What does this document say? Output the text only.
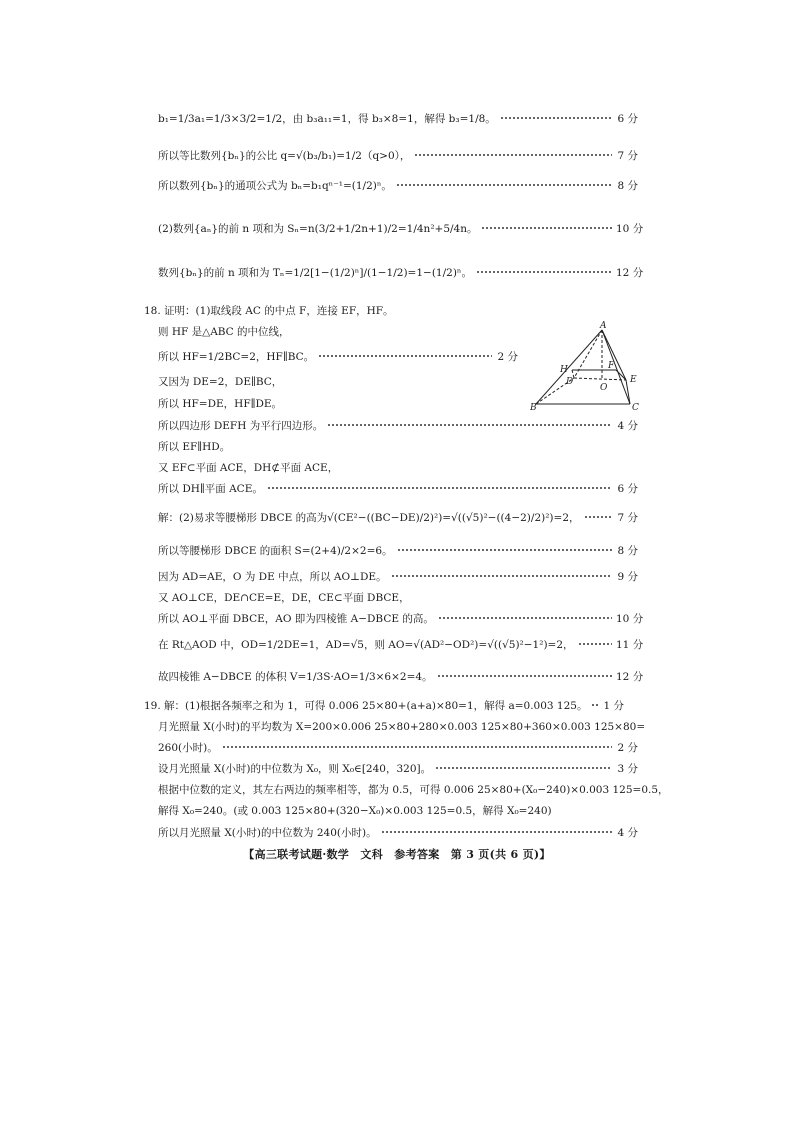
b₁=1/3a₁=1/3×3/2=1/2，由 b₃a₁₁=1，得 b₃×8=1，解得 b₃=1/8。	6 分
所以等比数列{bₙ}的公比 q=√(b₃/b₁)=1/2（q>0），	7 分
所以数列{bₙ}的通项公式为 bₙ=b₁qⁿ⁻¹=(1/2)ⁿ。	8 分
(2)数列{aₙ}的前 n 项和为 Sₙ=n(3/2+1/2n+1)/2=1/4n²+5/4n。	10 分
数列{bₙ}的前 n 项和为 Tₙ=1/2[1−(1/2)ⁿ]/(1−1/2)=1−(1/2)ⁿ。	12 分
18. 证明：(1)取线段 AC 的中点 F，连接 EF，HF。
则 HF 是△ABC 的中位线，
所以 HF=1/2BC=2，HF∥BC。	2 分
又因为 DE=2，DE∥BC，
所以 HF=DE，HF∥DE。
所以四边形 DEFH 为平行四边形。	4 分
所以 EF∥HD。
又 EF⊂平面 ACE，DH⊄平面 ACE，
所以 DH∥平面 ACE。	6 分
解：(2)易求等腰梯形 DBCE 的高为√(CE²−((BC−DE)/2)²)=√((√5)²−((4−2)/2)²)=2，	7 分
所以等腰梯形 DBCE 的面积 S=(2+4)/2×2=6。	8 分
因为 AD=AE，O 为 DE 中点，所以 AO⊥DE。	9 分
又 AO⊥CE，DE∩CE=E，DE，CE⊂平面 DBCE，
所以 AO⊥平面 DBCE，AO 即为四棱锥 A−DBCE 的高。	10 分
在 Rt△AOD 中，OD=1/2DE=1，AD=√5，则 AO=√(AD²−OD²)=√((√5)²−1²)=2，	11 分
故四棱锥 A−DBCE 的体积 V=1/3S·AO=1/3×6×2=4。	12 分
19. 解：(1)根据各频率之和为 1，可得 0.006 25×80+(a+a)×80=1，解得 a=0.003 125。 1 分
月光照量 X(小时)的平均数为 X=200×0.006 25×80+280×0.003 125×80+360×0.003 125×80=
260(小时)。	2 分
设月光照量 X(小时)的中位数为 X₀，则 X₀∈[240，320]。	3 分
根据中位数的定义，其左右两边的频率相等，都为 0.5，可得 0.006 25×80+(X₀−240)×0.003 125=0.5，
解得 X₀=240。(或 0.003 125×80+(320−X₀)×0.003 125=0.5，解得 X₀=240)
所以月光照量 X(小时)的中位数为 240(小时)。	4 分
A
H
D
F
E
O
B	C
【高三联考试题·数学　文科　参考答案　第 3 页(共 6 页)】
